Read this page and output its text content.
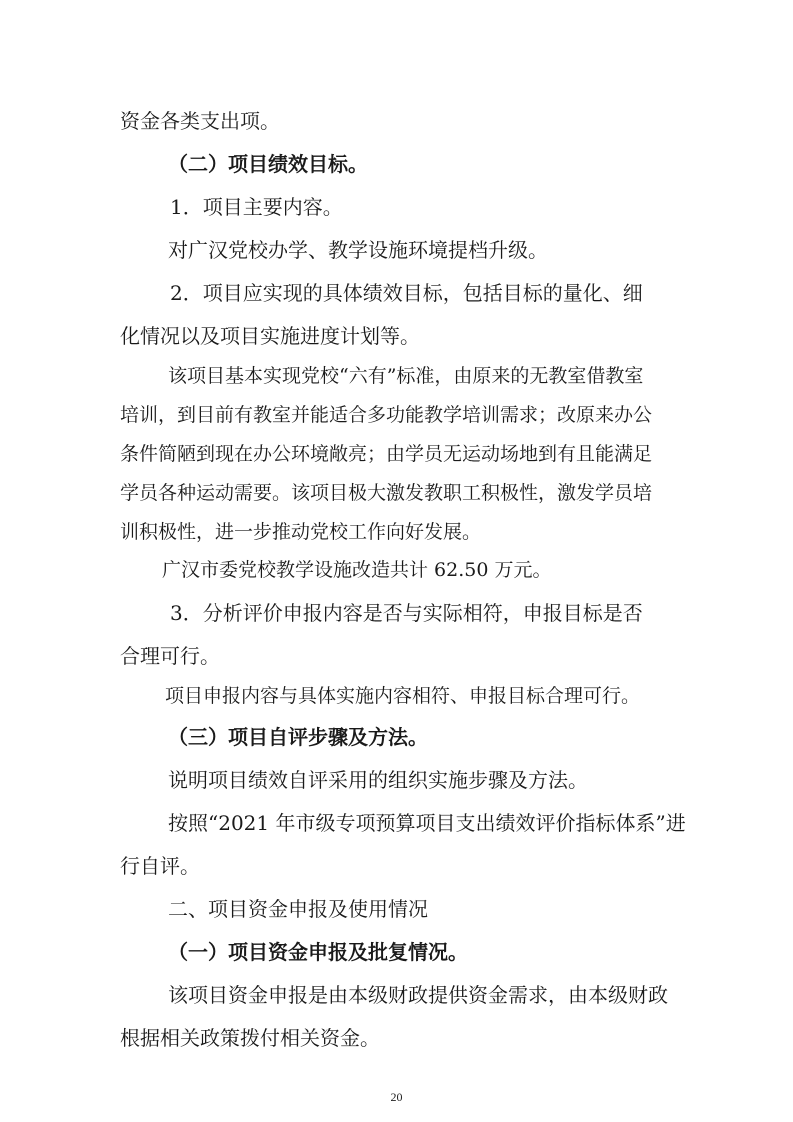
资金各类支出项。
（二）项目绩效目标。
1．项目主要内容。
对广汉党校办学、教学设施环境提档升级。
2．项目应实现的具体绩效目标，包括目标的量化、细
化情况以及项目实施进度计划等。
该项目基本实现党校“六有”标准，由原来的无教室借教室
培训，到目前有教室并能适合多功能教学培训需求；改原来办公
条件简陋到现在办公环境敞亮；由学员无运动场地到有且能满足
学员各种运动需要。该项目极大激发教职工积极性，激发学员培
训积极性，进一步推动党校工作向好发展。
广汉市委党校教学设施改造共计 62.50 万元。
3．分析评价申报内容是否与实际相符，申报目标是否
合理可行。
项目申报内容与具体实施内容相符、申报目标合理可行。
（三）项目自评步骤及方法。
说明项目绩效自评采用的组织实施步骤及方法。
按照“2021 年市级专项预算项目支出绩效评价指标体系”进
行自评。
二、项目资金申报及使用情况
（一）项目资金申报及批复情况。
该项目资金申报是由本级财政提供资金需求，由本级财政
根据相关政策拨付相关资金。
20
